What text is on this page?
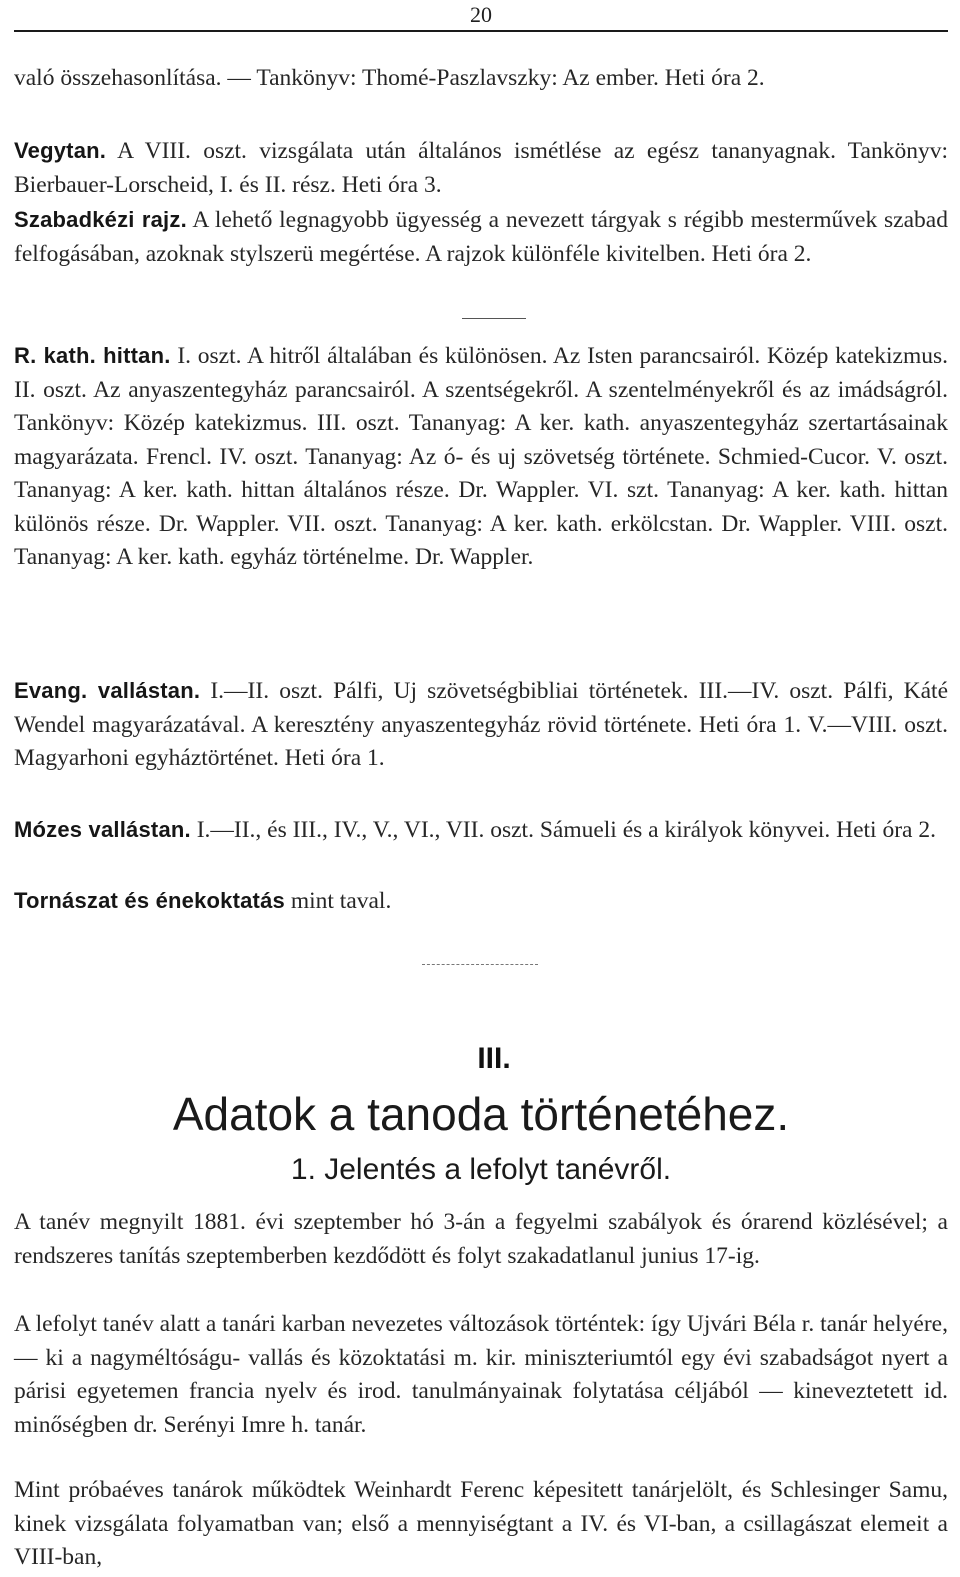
20

való összehasonlítása. — Tankönyv: Thomé-Paszlavszky: Az ember. Heti óra 2.

Vegytan. A VIII. oszt. vizsgálata után általános ismétlése az egész tananyagnak. Tankönyv: Bierbauer-Lorscheid, I. és II. rész. Heti óra 3.

Szabadkézi rajz. A lehető legnagyobb ügyesség a nevezett tárgyak s régibb mesterművek szabad felfogásában, azoknak stylszerü megértése. A rajzok különféle kivitelben. Heti óra 2.

R. kath. hittan. I. oszt. A hitről általában és különösen. Az Isten parancsairól. Közép katekizmus. II. oszt. Az anyaszentegyház parancsairól. A szentségekről. A szentelményekről és az imádságról. Tankönyv: Közép katekizmus. III. oszt. Tananyag: A ker. kath. anyaszentegyház szertartásainak magyarázata. Frencl. IV. oszt. Tananyag: Az ó- és uj szövetség története. Schmied-Cucor. V. oszt. Tananyag: A ker. kath. hittan általános része. Dr. Wappler. VI. szt. Tananyag: A ker. kath. hittan különös része. Dr. Wappler. VII. oszt. Tananyag: A ker. kath. erkölcstan. Dr. Wappler. VIII. oszt. Tananyag: A ker. kath. egyház történelme. Dr. Wappler.

Evang. vallástan. I.—II. oszt. Pálfi, Uj szövetségbibliai történetek. III.—IV. oszt. Pálfi, Káté Wendel magyarázatával. A keresztény anyaszentegyház rövid története. Heti óra 1. V.—VIII. oszt. Magyarhoni egyháztörténet. Heti óra 1.

Mózes vallástan. I.—II., és III., IV., V., VI., VII. oszt. Sámueli és a királyok könyvei. Heti óra 2.

Tornászat és énekoktatás mint taval.

III.
Adatok a tanoda történetéhez.
1. Jelentés a lefolyt tanévről.

A tanév megnyilt 1881. évi szeptember hó 3-án a fegyelmi szabályok és órarend közlésével; a rendszeres tanítás szeptemberben kezdődött és folyt szakadatlanul junius 17-ig.

A lefolyt tanév alatt a tanári karban nevezetes változások történtek: így Ujvári Béla r. tanár helyére, — ki a nagyméltóságu- vallás és közoktatási m. kir. miniszteriumtól egy évi szabadságot nyert a párisi egyetemen francia nyelv és irod. tanulmányainak folytatása céljából — kineveztetett id. minőségben dr. Serényi Imre h. tanár.

Mint próbaéves tanárok működtek Weinhardt Ferenc képesitett tanárjelölt, és Schlesinger Samu, kinek vizsgálata folyamatban van; első a mennyiségtant a IV. és VI-ban, a csillagászat elemeit a VIII-ban,
